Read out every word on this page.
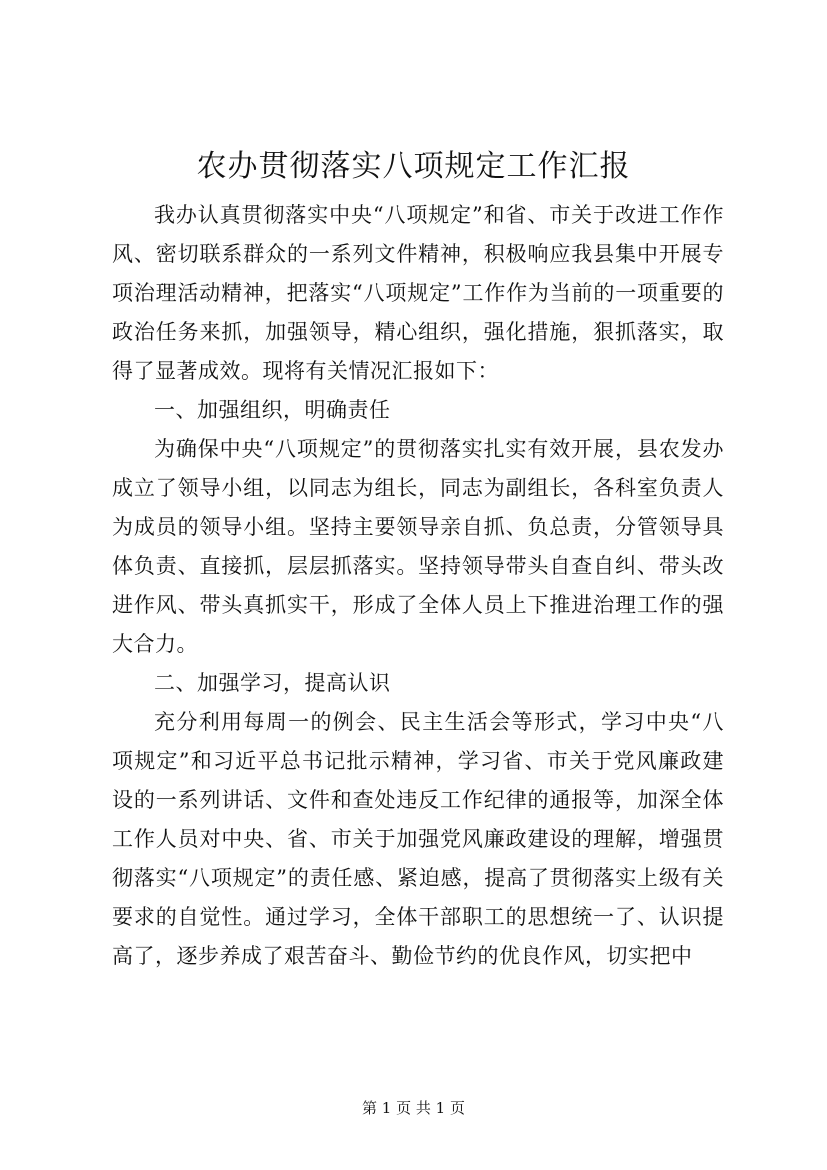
农办贯彻落实八项规定工作汇报

我办认真贯彻落实中央“八项规定”和省、市关于改进工作作风、密切联系群众的一系列文件精神，积极响应我县集中开展专项治理活动精神，把落实“八项规定”工作作为当前的一项重要的政治任务来抓，加强领导，精心组织，强化措施，狠抓落实，取得了显著成效。现将有关情况汇报如下：

一、加强组织，明确责任

为确保中央“八项规定”的贯彻落实扎实有效开展，县农发办成立了领导小组，以同志为组长，同志为副组长，各科室负责人为成员的领导小组。坚持主要领导亲自抓、负总责，分管领导具体负责、直接抓，层层抓落实。坚持领导带头自查自纠、带头改进作风、带头真抓实干，形成了全体人员上下推进治理工作的强大合力。

二、加强学习，提高认识

充分利用每周一的例会、民主生活会等形式，学习中央“八项规定”和习近平总书记批示精神，学习省、市关于党风廉政建设的一系列讲话、文件和查处违反工作纪律的通报等，加深全体工作人员对中央、省、市关于加强党风廉政建设的理解，增强贯彻落实“八项规定”的责任感、紧迫感，提高了贯彻落实上级有关要求的自觉性。通过学习，全体干部职工的思想统一了、认识提高了，逐步养成了艰苦奋斗、勤俭节约的优良作风，切实把中

第 1 页 共 1 页
